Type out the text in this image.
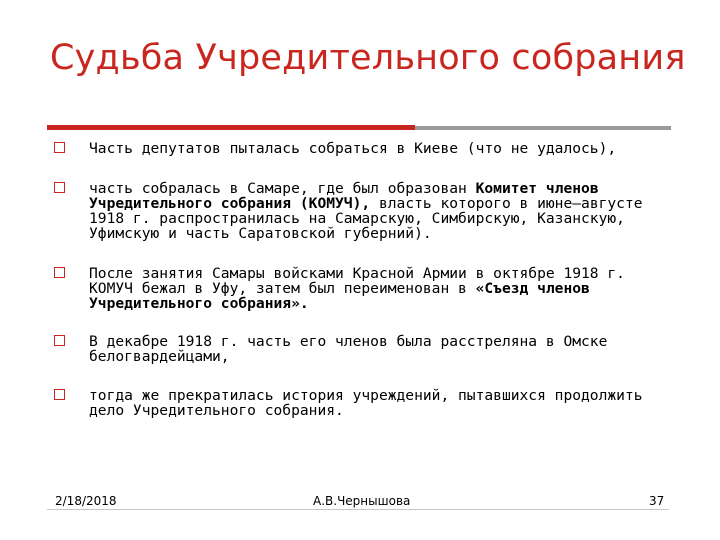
Судьба Учредительного собрания
Часть депутатов пыталась собраться в Киеве (что не удалось),
часть собралась в Самаре, где был образован Комитет членов Учредительного собрания (КОМУЧ), власть которого в июне–августе 1918 г. распространилась на Самарскую, Симбирскую, Казанскую, Уфимскую и часть Саратовской губерний).
После занятия Самары войсками Красной Армии в октябре 1918 г. КОМУЧ бежал в Уфу, затем был переименован в «Съезд членов Учредительного собрания».
В декабре 1918 г. часть его членов была расстреляна в Омске белогвардейцами,
тогда же прекратилась история учреждений, пытавшихся продолжить дело Учредительного собрания.
2/18/2018	А.В.Чернышова	37
